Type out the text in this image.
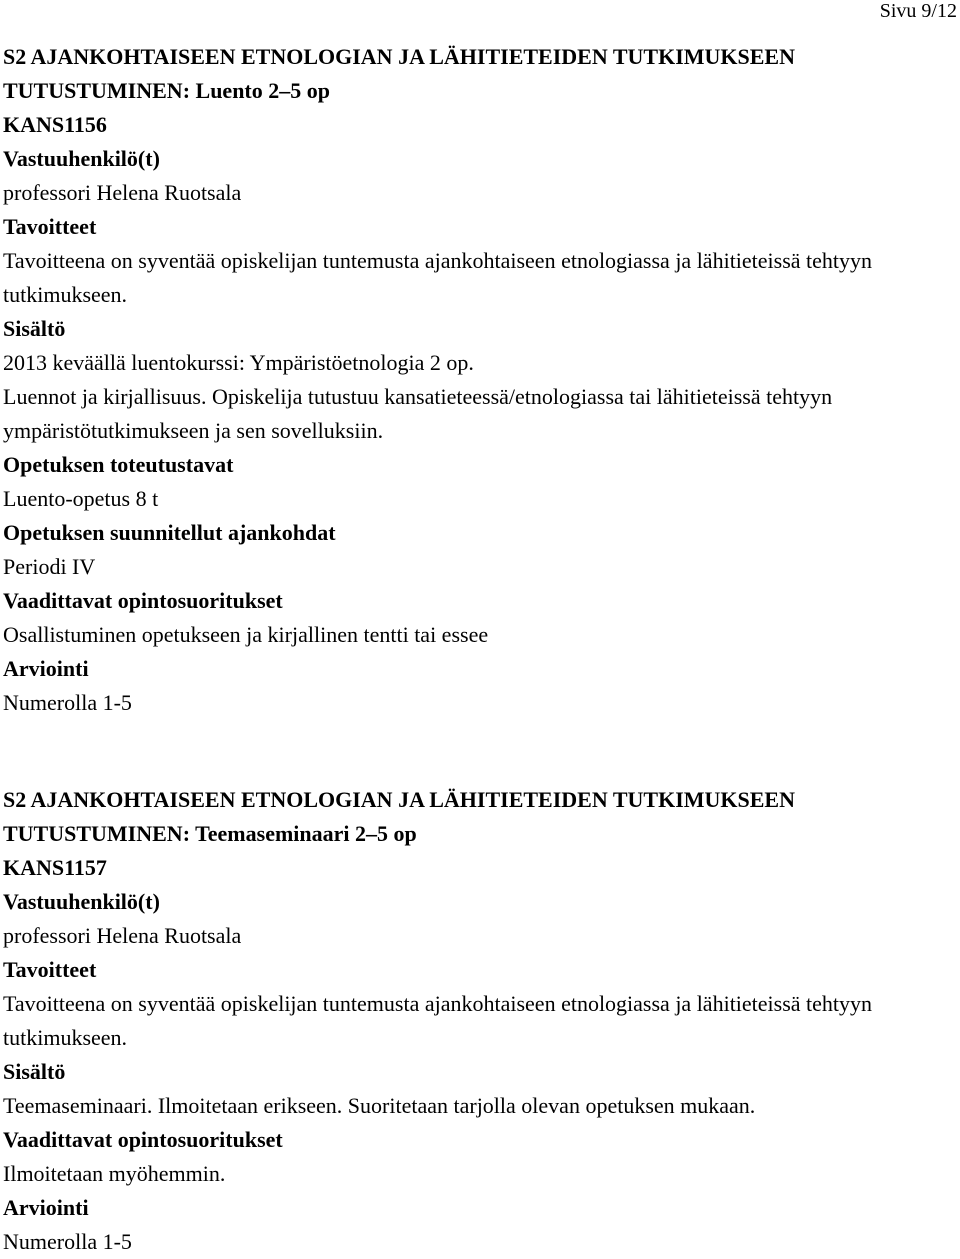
Sivu 9/12

S2 AJANKOHTAISEEN ETNOLOGIAN JA LÄHITIETEIDEN TUTKIMUKSEEN

TUTUSTUMINEN: Luento 2–5 op

KANS1156

Vastuuhenkilö(t)

professori Helena Ruotsala

Tavoitteet

Tavoitteena on syventää opiskelijan tuntemusta ajankohtaiseen etnologiassa ja lähitieteissä tehtyyn

tutkimukseen.

Sisältö

2013 keväällä luentokurssi: Ympäristöetnologia 2 op.

Luennot ja kirjallisuus. Opiskelija tutustuu kansatieteessä/etnologiassa tai lähitieteissä tehtyyn

ympäristötutkimukseen ja sen sovelluksiin.

Opetuksen toteutustavat

Luento-opetus 8 t

Opetuksen suunnitellut ajankohdat

Periodi IV

Vaadittavat opintosuoritukset

Osallistuminen opetukseen ja kirjallinen tentti tai essee

Arviointi

Numerolla 1-5

S2 AJANKOHTAISEEN ETNOLOGIAN JA LÄHITIETEIDEN TUTKIMUKSEEN

TUTUSTUMINEN: Teemaseminaari 2–5 op

KANS1157

Vastuuhenkilö(t)

professori Helena Ruotsala

Tavoitteet

Tavoitteena on syventää opiskelijan tuntemusta ajankohtaiseen etnologiassa ja lähitieteissä tehtyyn

tutkimukseen.

Sisältö

Teemaseminaari. Ilmoitetaan erikseen. Suoritetaan tarjolla olevan opetuksen mukaan.

Vaadittavat opintosuoritukset

Ilmoitetaan myöhemmin.

Arviointi

Numerolla 1-5
